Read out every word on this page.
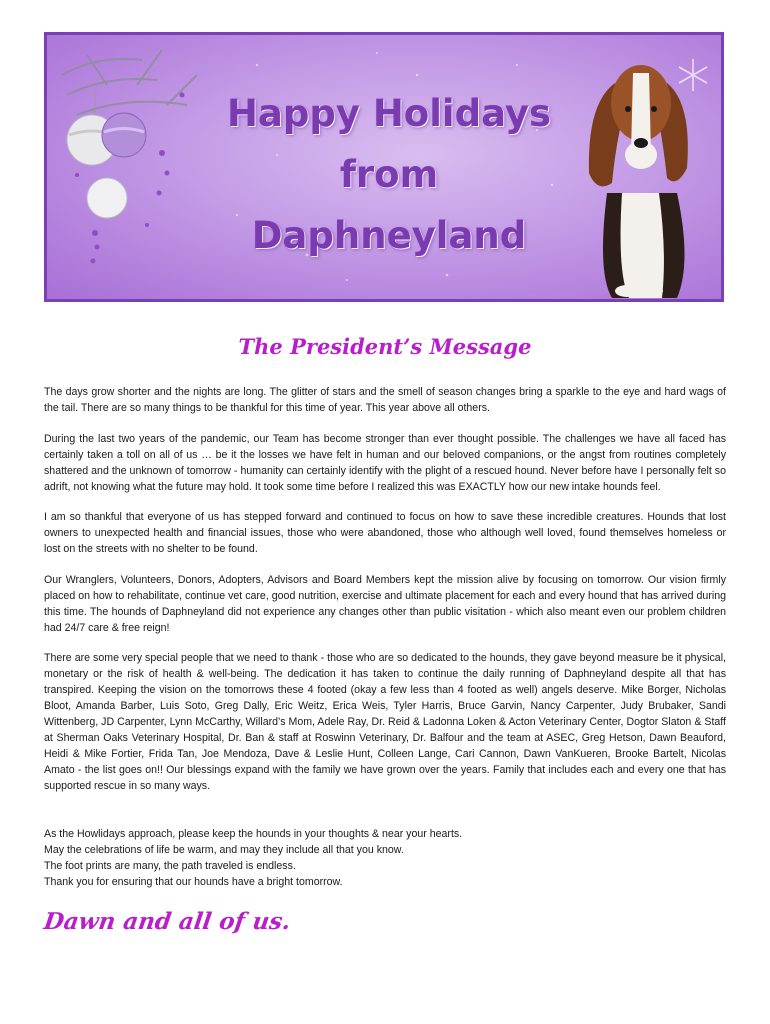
Happy Holidays
from
Daphneyland
The President’s Message

The days grow shorter and the nights are long. The glitter of stars and the smell of season changes bring a sparkle to the eye and hard wags of the tail. There are so many things to be thankful for this time of year. This year above all others.

During the last two years of the pandemic, our Team has become stronger than ever thought possible. The challenges we have all faced has certainly taken a toll on all of us … be it the losses we have felt in human and our beloved companions, or the angst from routines completely shattered and the unknown of tomorrow - humanity can certainly identify with the plight of a rescued hound. Never before have I personally felt so adrift, not knowing what the future may hold. It took some time before I realized this was EXACTLY how our new intake hounds feel.

I am so thankful that everyone of us has stepped forward and continued to focus on how to save these incredible creatures. Hounds that lost owners to unexpected health and financial issues, those who were abandoned, those who although well loved, found themselves homeless or lost on the streets with no shelter to be found.

Our Wranglers, Volunteers, Donors, Adopters, Advisors and Board Members kept the mission alive by focusing on tomorrow. Our vision firmly placed on how to rehabilitate, continue vet care, good nutrition, exercise and ultimate placement for each and every hound that has arrived during this time. The hounds of Daphneyland did not experience any changes other than public visitation - which also meant even our problem children had 24/7 care & free reign!

There are some very special people that we need to thank - those who are so dedicated to the hounds, they gave beyond measure be it physical, monetary or the risk of health & well-being. The dedication it has taken to continue the daily running of Daphneyland despite all that has transpired. Keeping the vision on the tomorrows these 4 footed (okay a few less than 4 footed as well) angels deserve. Mike Borger, Nicholas Bloot, Amanda Barber, Luis Soto, Greg Dally, Eric Weitz, Erica Weis, Tyler Harris, Bruce Garvin, Nancy Carpenter, Judy Brubaker, Sandi Wittenberg, JD Carpenter, Lynn McCarthy, Willard’s Mom, Adele Ray, Dr. Reid & Ladonna Loken & Acton Veterinary Center, Dogtor Slaton & Staff at Sherman Oaks Veterinary Hospital, Dr. Ban & staff at Roswinn Veterinary, Dr. Balfour and the team at ASEC, Greg Hetson, Dawn Beauford, Heidi & Mike Fortier, Frida Tan, Joe Mendoza, Dave & Leslie Hunt, Colleen Lange, Cari Cannon, Dawn VanKueren, Brooke Bartelt, Nicolas Amato - the list goes on!! Our blessings expand with the family we have grown over the years. Family that includes each and every one that has supported rescue in so many ways.

As the Howlidays approach, please keep the hounds in your thoughts & near your hearts.
May the celebrations of life be warm, and may they include all that you know.
The foot prints are many, the path traveled is endless.
Thank you for ensuring that our hounds have a bright tomorrow.
Dawn and all of us.
